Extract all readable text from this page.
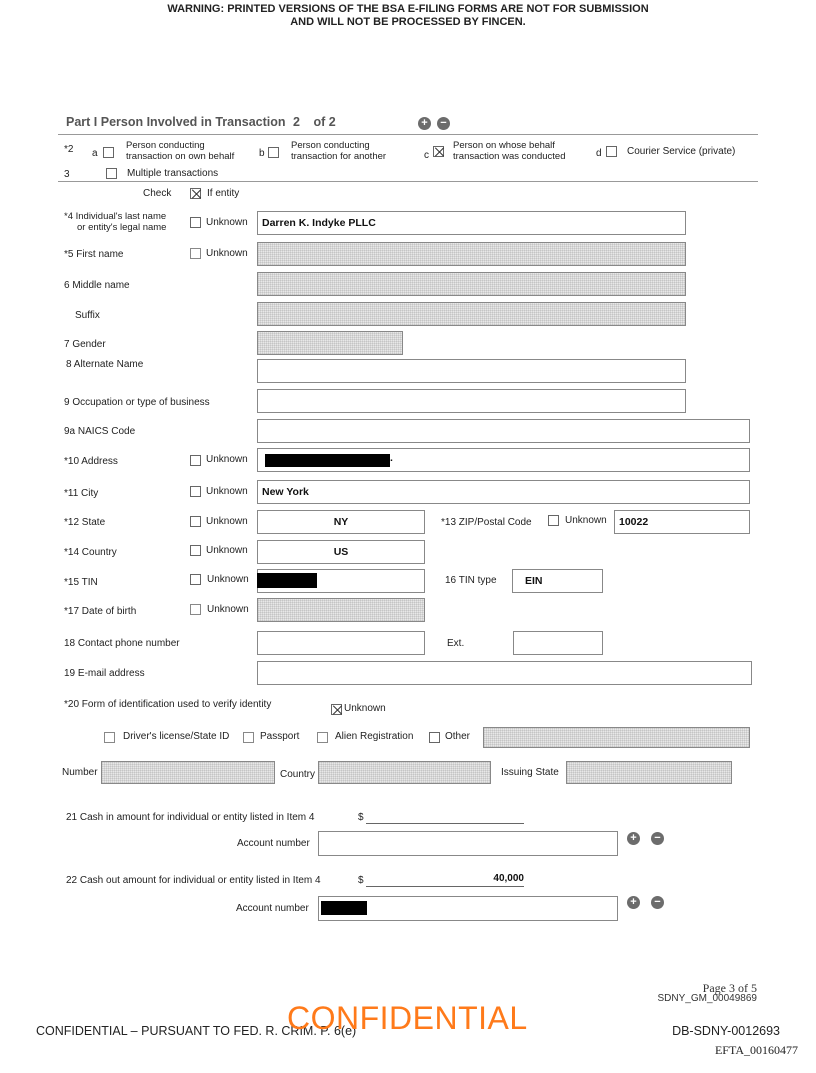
WARNING: PRINTED VERSIONS OF THE BSA E-FILING FORMS ARE NOT FOR SUBMISSION
AND WILL NOT BE PROCESSED BY FINCEN.
Part I Person Involved in Transaction 2 of 2	+ −
*2 a
Person conducting
transaction on own behalf b
Person conducting
transaction for another	c
Person on whose behalf
transaction was conducted	d	Courier Service (private)
3	Multiple transactions
Check	If entity
*4 Individual's last name
or entity's legal name	Unknown	Darren K. Indyke PLLC
*5 First name	Unknown
6 Middle name
Suffix
7 Gender
8 Alternate Name
9 Occupation or type of business
9a NAICS Code
*10 Address	Unknown	.
*11 City	Unknown	New York
*12 State	Unknown	NY	*13 ZIP/Postal Code	Unknown	10022
*14 Country	Unknown	US
*15 TIN	Unknown	16 TIN type	EIN
*17 Date of birth	Unknown
18 Contact phone number	Ext.
19 E-mail address
*20 Form of identification used to verify identity	Unknown
Driver's license/State ID	Passport	Alien Registration	Other
Number	Country	Issuing State
21 Cash in amount for individual or entity listed in Item 4	$
Account number	+ −
22 Cash out amount for individual or entity listed in Item 4	$	40,000
Account number
+ −
Page 3 of 5
SDNY_GM_00049869
CONFIDENTIAL – PURSUANT TO FED. R. CRIM. P. 6(e)
CONFIDENTIAL	DB-SDNY-0012693
EFTA_00160477
